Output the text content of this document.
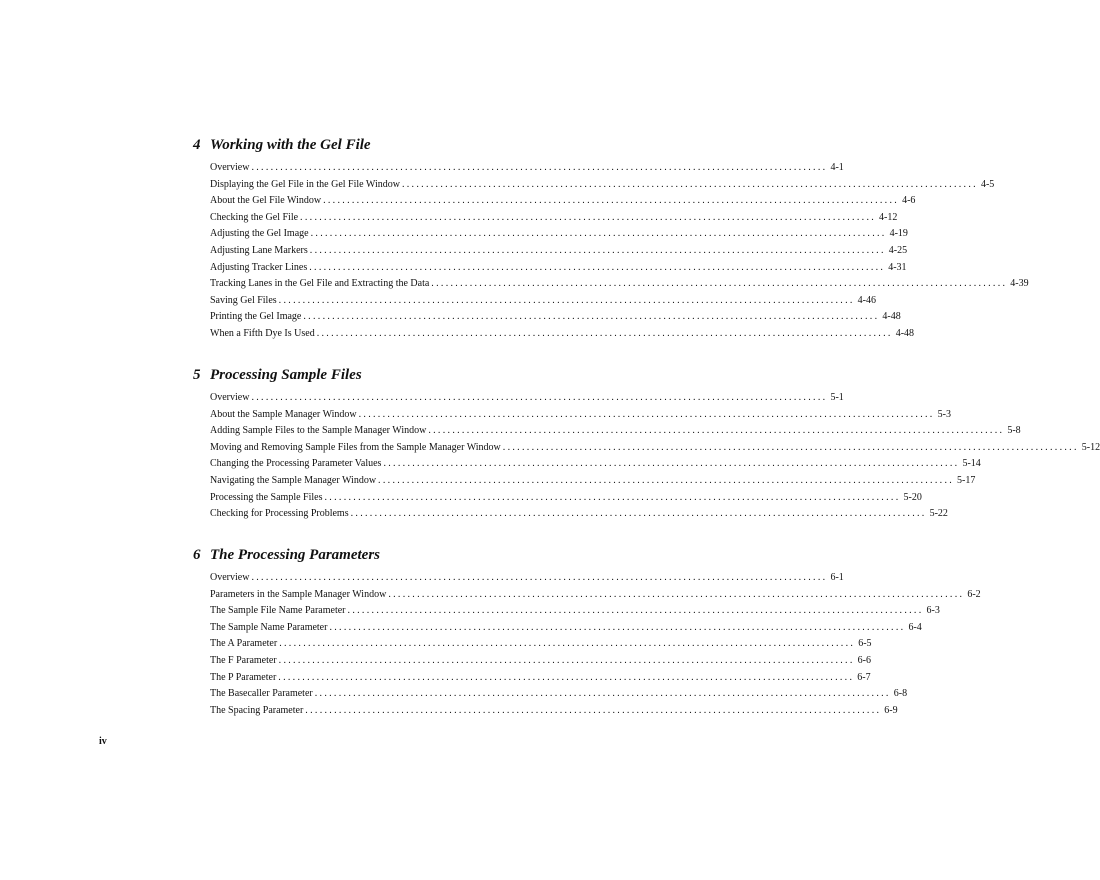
4 Working with the Gel File
Overview ........................................................................................................................ 4-1
Displaying the Gel File in the Gel File Window ........................................................................................................................ 4-5
About the Gel File Window ........................................................................................................................ 4-6
Checking the Gel File ........................................................................................................................ 4-12
Adjusting the Gel Image ........................................................................................................................ 4-19
Adjusting Lane Markers ........................................................................................................................ 4-25
Adjusting Tracker Lines ........................................................................................................................ 4-31
Tracking Lanes in the Gel File and Extracting the Data ........................................................................................................................ 4-39
Saving Gel Files ........................................................................................................................ 4-46
Printing the Gel Image ........................................................................................................................ 4-48
When a Fifth Dye Is Used ........................................................................................................................ 4-48
5 Processing Sample Files
Overview ........................................................................................................................ 5-1
About the Sample Manager Window ........................................................................................................................ 5-3
Adding Sample Files to the Sample Manager Window ........................................................................................................................ 5-8
Moving and Removing Sample Files from the Sample Manager Window ........................................................................................................................ 5-12
Changing the Processing Parameter Values ........................................................................................................................ 5-14
Navigating the Sample Manager Window ........................................................................................................................ 5-17
Processing the Sample Files ........................................................................................................................ 5-20
Checking for Processing Problems ........................................................................................................................ 5-22
6 The Processing Parameters
Overview ........................................................................................................................ 6-1
Parameters in the Sample Manager Window ........................................................................................................................ 6-2
The Sample File Name Parameter ........................................................................................................................ 6-3
The Sample Name Parameter ........................................................................................................................ 6-4
The A Parameter ........................................................................................................................ 6-5
The F Parameter ........................................................................................................................ 6-6
The P Parameter ........................................................................................................................ 6-7
The Basecaller Parameter ........................................................................................................................ 6-8
The Spacing Parameter ........................................................................................................................ 6-9
iv
